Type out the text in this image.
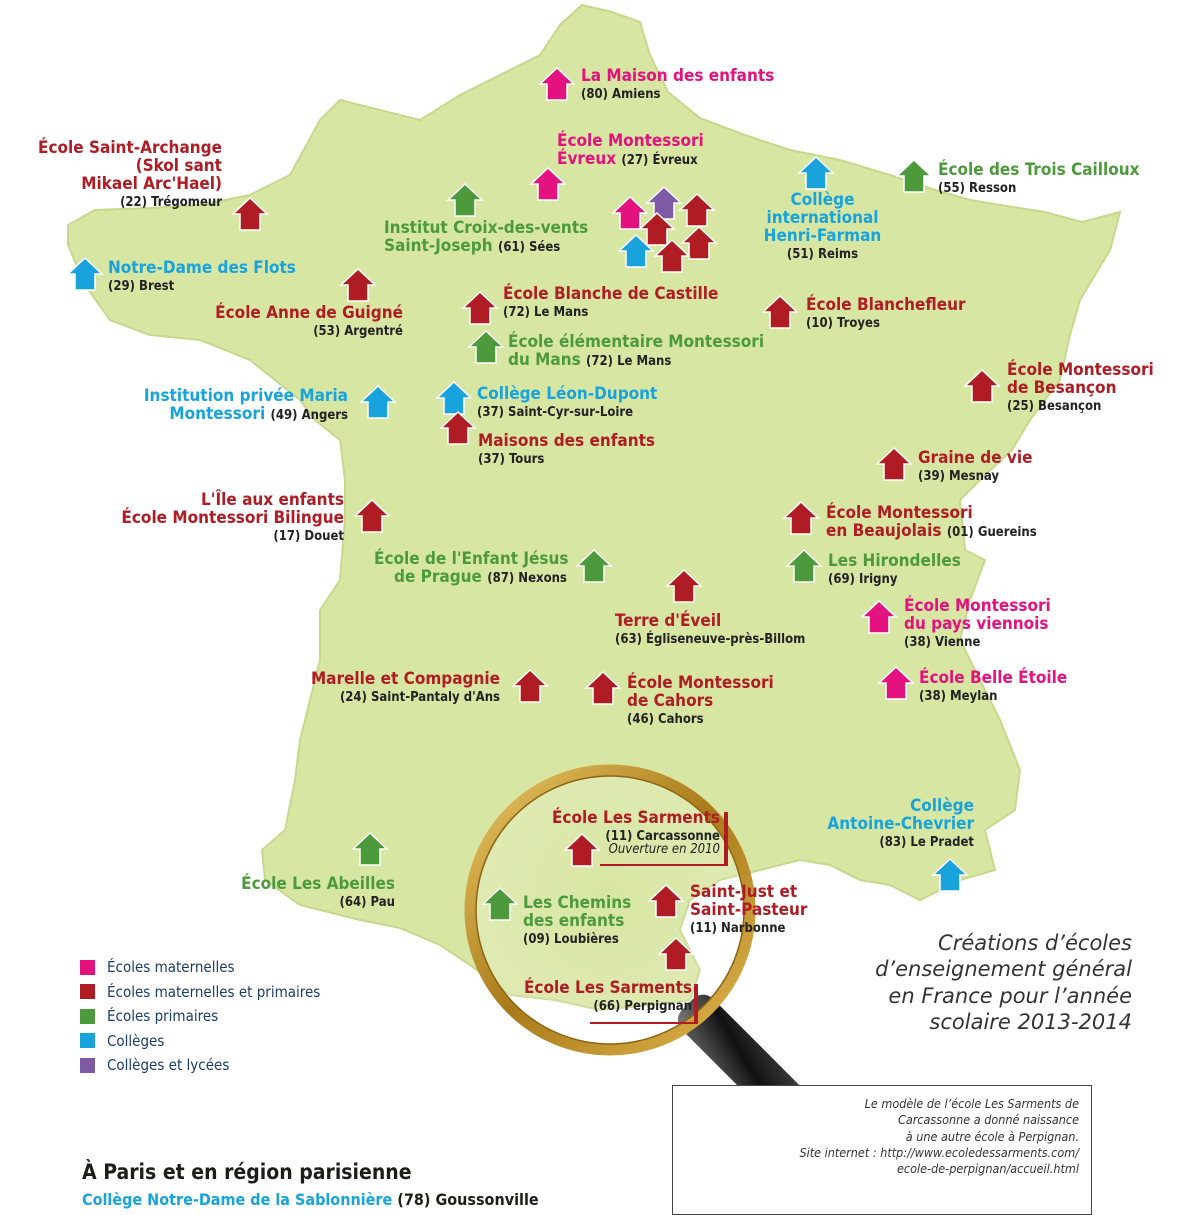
La Maison des enfants
(80) Amiens
École Montessori
Évreux (27) Évreux
École Saint-Archange
(Skol sant
Mikael Arc'Hael)
(22) Trégomeur
École des Trois Cailloux
(55) Resson
Collège
international
Henri-Farman
(51) Reims
Institut Croix-des-vents
Saint-Joseph (61) Sées
Notre-Dame des Flots
(29) Brest
École Anne de Guigné
(53) Argentré
École Blanche de Castille
(72) Le Mans	École Blanchefleur
(10) Troyes
École élémentaire Montessori
du Mans (72) Le Mans
Institution privée Maria
Montessori (49) Angers
Collège Léon-Dupont
(37) Saint-Cyr-sur-Loire
École Montessori
de Besançon
(25) Besançon
Maisons des enfants
(37) Tours	Graine de vie
(39) Mesnay
L'Île aux enfants
École Montessori Bilingue
(17) Douet
École Montessori
en Beaujolais (01) Guereins
École de l'Enfant Jésus
de Prague (87) Nexons
Les Hirondelles
(69) Irigny
Terre d'Éveil
(63) Égliseneuve-près-Billom
École Montessori
du pays viennois
(38) Vienne
Marelle et Compagnie
(24) Saint-Pantaly d'Ans
École Montessori
de Cahors
(46) Cahors
École Belle Étoile
(38) Meylan
École Les Sarments
(11) Carcassonne
Ouverture en 2010
Collège
Antoine-Chevrier
(83) Le Pradet
École Les Abeilles
(64) Pau	Les Chemins
des enfants
(09) Loubières
Saint-Just et
Saint-Pasteur
(11) Narbonne
École Les Sarments
(66) Perpignan
Écoles maternelles
Écoles maternelles et primaires
Écoles primaires
Collèges
Collèges et lycées
Créations d’écoles
d’enseignement général
en France pour l’année
scolaire 2013-2014
Le modèle de l’école Les Sarments de
Carcassonne a donné naissance
à une autre école à Perpignan.
Site internet : http://www.ecoledessarments.com/
ecole-de-perpignan/accueil.html
À Paris et en région parisienne
Collège Notre-Dame de la Sablonnière (78) Goussonville
